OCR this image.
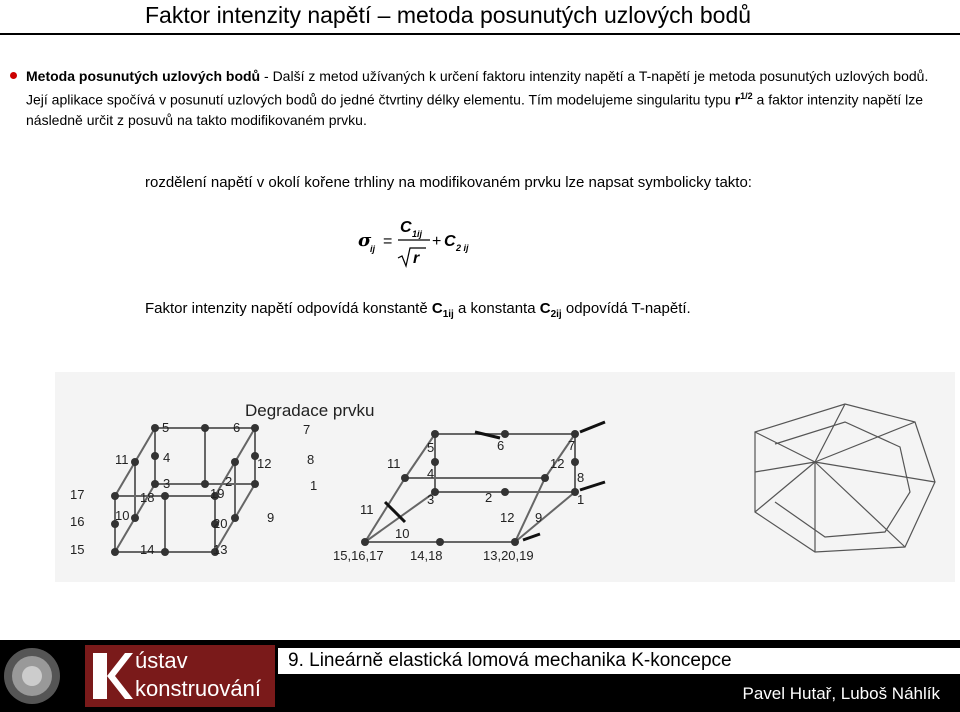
Faktor intenzity napětí – metoda posunutých uzlových bodů
Metoda posunutých uzlových bodů - Další z metod užívaných k určení faktoru intenzity napětí a T-napětí je metoda posunutých uzlových bodů. Její aplikace spočívá v posunutí uzlových bodů do jedné čtvrtiny délky elementu. Tím modelujeme singularitu typu $r^{1/2}$ a faktor intenzity napětí lze následně určit z posuvů na takto modifikovaném prvku.
rozdělení napětí v okolí kořene trhliny na modifikovaném prvku lze napsat symbolicky takto:
σ
ij =
C 1ij
r
+ C 2 ij
Faktor intenzity napětí odpovídá konstantě $C_{1ij}$ a konstanta $C_{2ij}$ odpovídá T-napětí.
5	6	7
11	4	12	8
3	2
17	18	19
1
16 10	9
20
15	14	13
Degradace prvku
5	6	7
11
4
12
8
3	2	1
11
10
12 9
15,16,17 14,18	13,20,19
ústav
konstruování
9. Lineárně elastická lomová mechanika K-koncepce
Pavel Hutař, Luboš Náhlík
